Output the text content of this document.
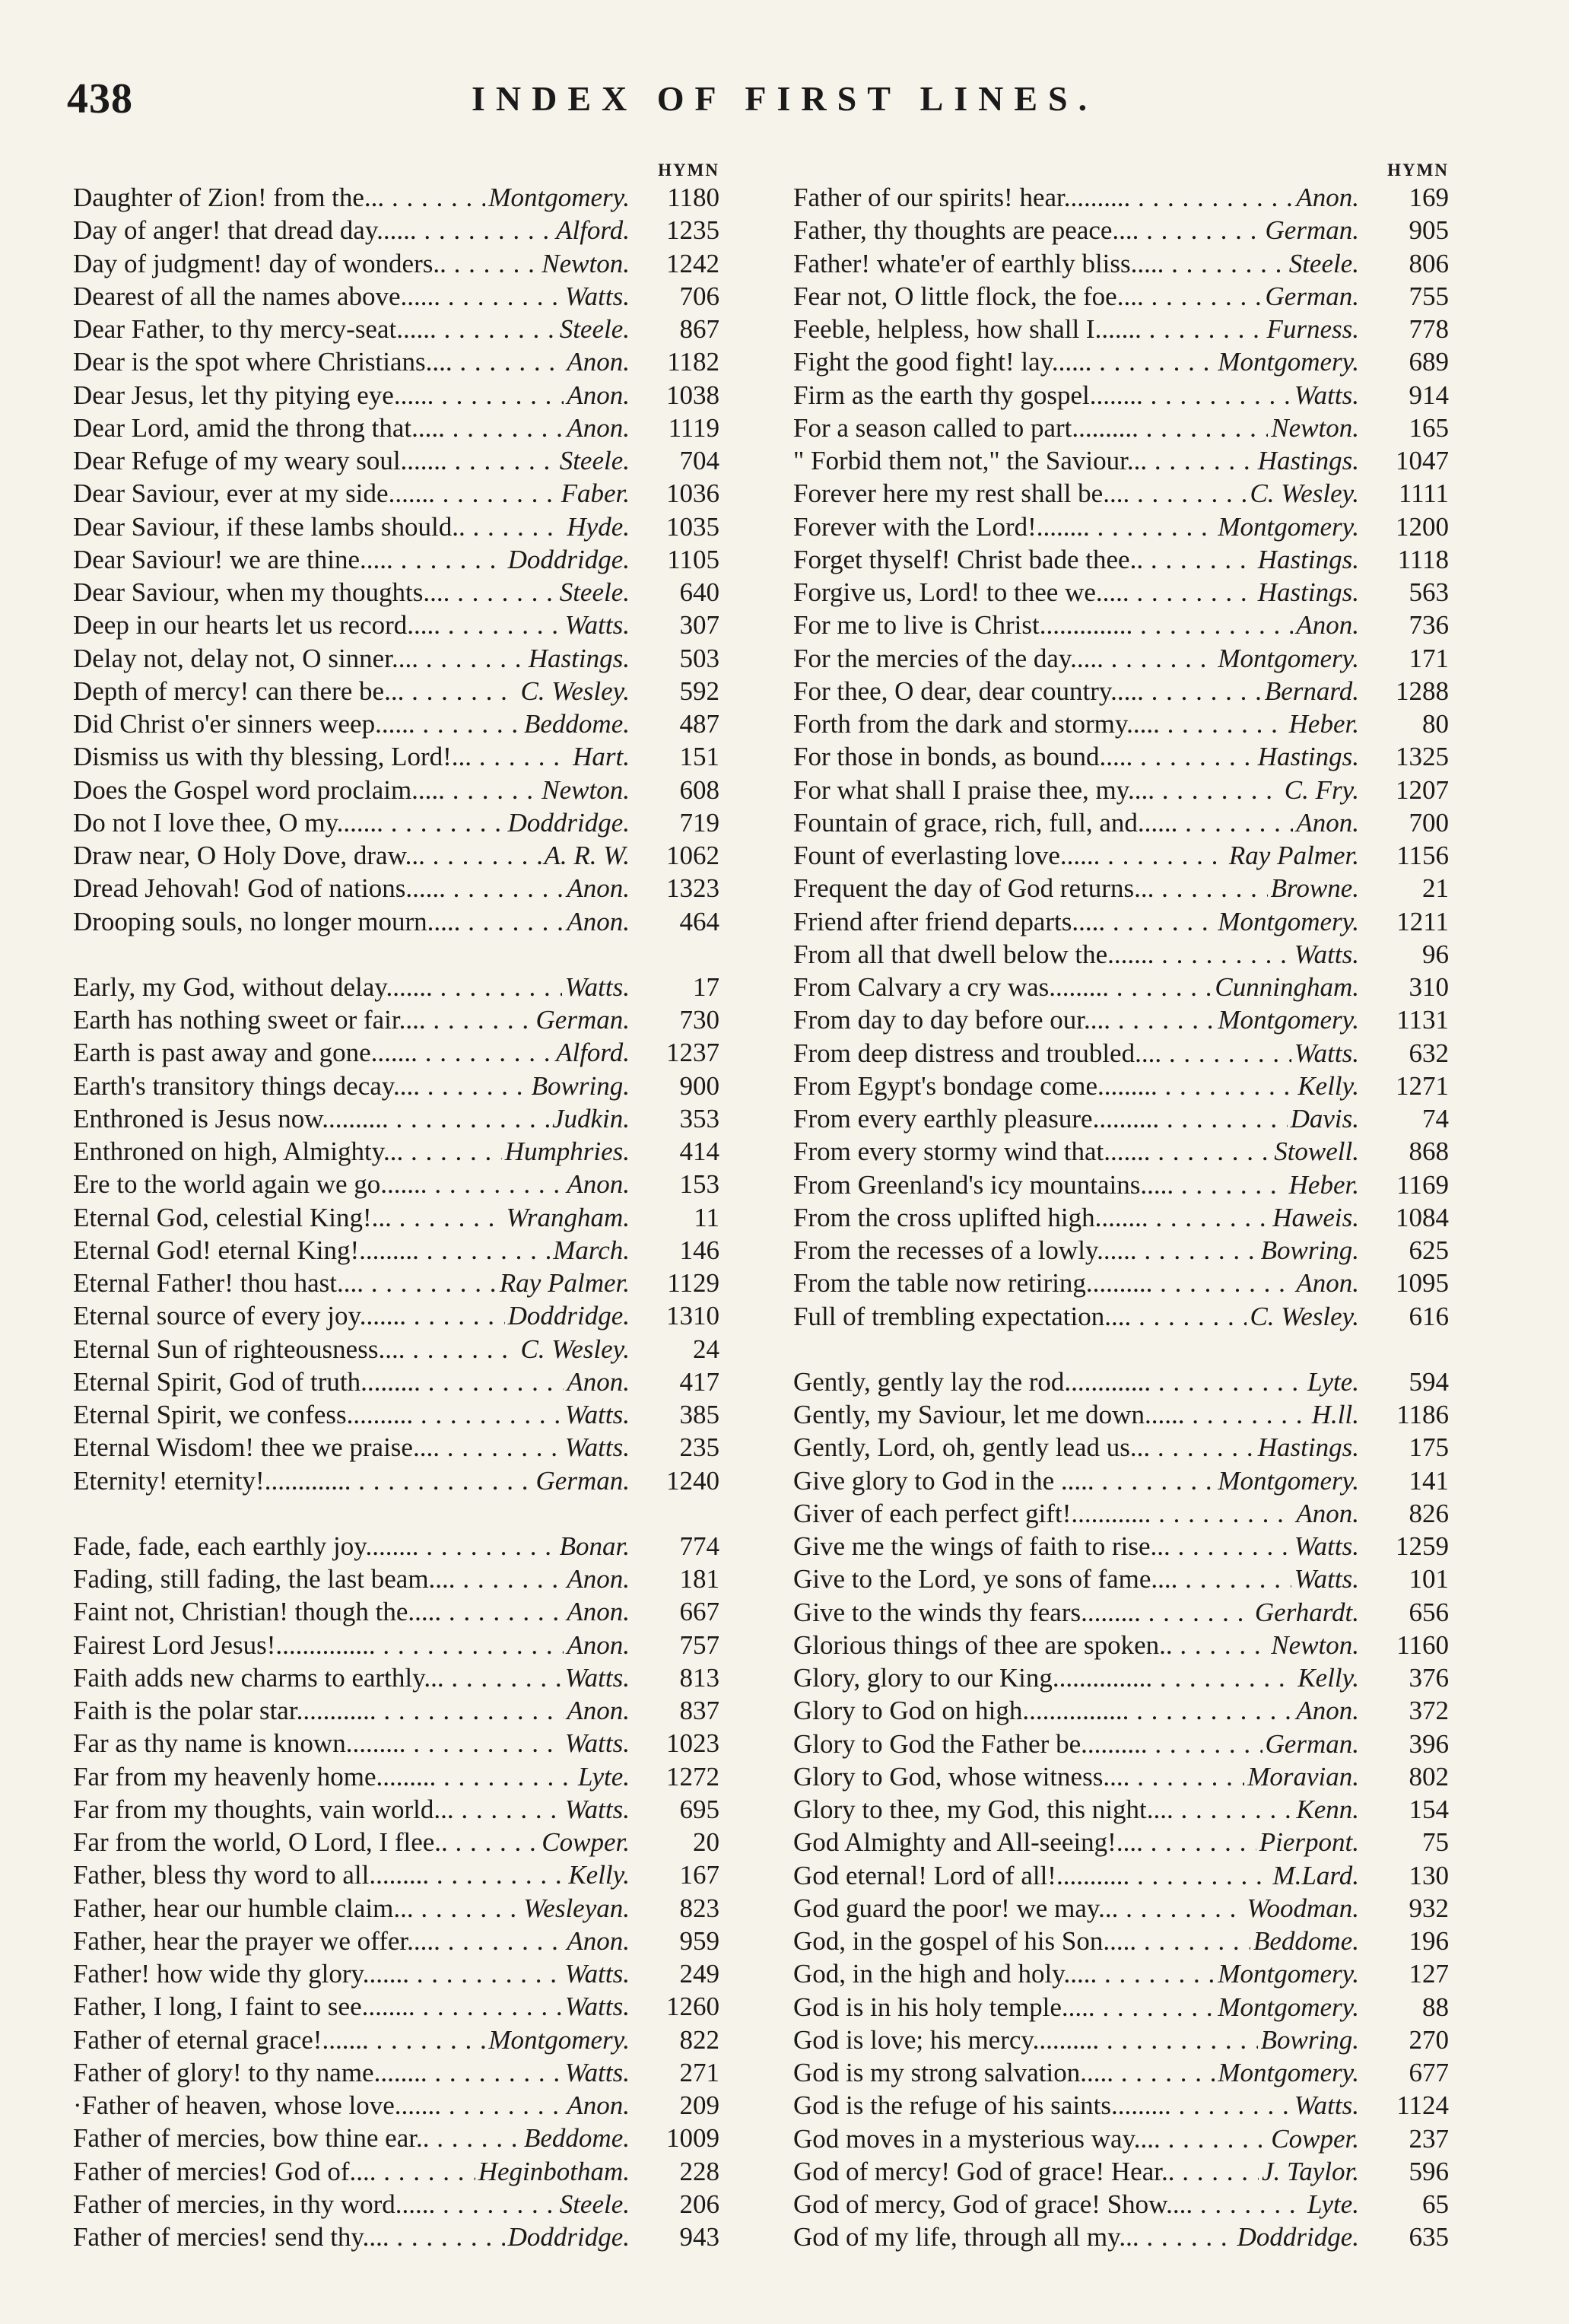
438	INDEX OF FIRST LINES.
HYMN
Daughter of Zion! from the... . . .	Montgomery.	1180
Day of anger! that dread day...... . . .	Alford.	1235
Day of judgment! day of wonders.. . . .	Newton.	1242
Dearest of all the names above...... . . .	Watts.	706
Dear Father, to thy mercy-seat...... . . .	Steele.	867
Dear is the spot where Christians.... . . .	Anon.	1182
Dear Jesus, let thy pitying eye...... . . .	Anon.	1038
Dear Lord, amid the throng that..... . . .	Anon.	1119
Dear Refuge of my weary soul....... . . .	Steele.	704
Dear Saviour, ever at my side....... . . .	Faber.	1036
Dear Saviour, if these lambs should.. . . .	Hyde.	1035
Dear Saviour! we are thine..... . . .	Doddridge.	1105
Dear Saviour, when my thoughts.... . . .	Steele.	640
Deep in our hearts let us record..... . . .	Watts.	307
Delay not, delay not, O sinner.... . . .	Hastings.	503
Depth of mercy! can there be... . . .	C. Wesley.	592
Did Christ o'er sinners weep...... . . .	Beddome.	487
Dismiss us with thy blessing, Lord!... . . .	Hart.	151
Does the Gospel word proclaim..... . . .	Newton.	608
Do not I love thee, O my....... . . .	Doddridge.	719
Draw near, O Holy Dove, draw... . . .	A. R. W.	1062
Dread Jehovah! God of nations...... . . .	Anon.	1323
Drooping souls, no longer mourn..... . . .	Anon.	464
Early, my God, without delay....... . . .	Watts.	17
Earth has nothing sweet or fair.... . . .	German.	730
Earth is past away and gone....... . . .	Alford.	1237
Earth's transitory things decay.... . . .	Bowring.	900
Enthroned is Jesus now.......... . . .	Judkin.	353
Enthroned on high, Almighty... . . .	Humphries.	414
Ere to the world again we go....... . . .	Anon.	153
Eternal God, celestial King!... . . .	Wrangham.	11
Eternal God! eternal King!......... . . .	March.	146
Eternal Father! thou hast.... . . .	Ray Palmer.	1129
Eternal source of every joy....... . . .	Doddridge.	1310
Eternal Sun of righteousness.... . . .	C. Wesley.	24
Eternal Spirit, God of truth......... . . .	Anon.	417
Eternal Spirit, we confess.......... . . .	Watts.	385
Eternal Wisdom! thee we praise.... . . .	Watts.	235
Eternity! eternity!............. . . .	German.	1240
Fade, fade, each earthly joy........ . . .	Bonar.	774
Fading, still fading, the last beam.... . . .	Anon.	181
Faint not, Christian! though the..... . . .	Anon.	667
Fairest Lord Jesus!............... . . .	Anon.	757
Faith adds new charms to earthly... . . .	Watts.	813
Faith is the polar star............ . . .	Anon.	837
Far as thy name is known......... . . .	Watts.	1023
Far from my heavenly home......... . . .	Lyte.	1272
Far from my thoughts, vain world... . . .	Watts.	695
Far from the world, O Lord, I flee.. . . .	Cowper.	20
Father, bless thy word to all......... . . .	Kelly.	167
Father, hear our humble claim... . . .	Wesleyan.	823
Father, hear the prayer we offer..... . . .	Anon.	959
Father! how wide thy glory....... . . .	Watts.	249
Father, I long, I faint to see........ . . .	Watts.	1260
Father of eternal grace!....... . . .	Montgomery.	822
Father of glory! to thy name........ . . .	Watts.	271
·Father of heaven, whose love....... . . .	Anon.	209
Father of mercies, bow thine ear.. . . .	Beddome.	1009
Father of mercies! God of.... . . .	Heginbotham.	228
Father of mercies, in thy word...... . . .	Steele.	206
Father of mercies! send thy.... . . .	Doddridge.	943
HYMN
Father of our spirits! hear.......... . . .	Anon.	169
Father, thy thoughts are peace.... . . .	German.	905
Father! whate'er of earthly bliss..... . . .	Steele.	806
Fear not, O little flock, the foe.... . . .	German.	755
Feeble, helpless, how shall I....... . . .	Furness.	778
Fight the good fight! lay...... . . .	Montgomery.	689
Firm as the earth thy gospel........ . . .	Watts.	914
For a season called to part.......... . . .	Newton.	165
" Forbid them not," the Saviour... . . .	Hastings.	1047
Forever here my rest shall be.... . . .	C. Wesley.	1111
Forever with the Lord!........ . . .	Montgomery.	1200
Forget thyself! Christ bade thee.. . . .	Hastings.	1118
Forgive us, Lord! to thee we..... . . .	Hastings.	563
For me to live is Christ.............. . . .	Anon.	736
For the mercies of the day..... . . .	Montgomery.	171
For thee, O dear, dear country..... . . .	Bernard.	1288
Forth from the dark and stormy..... . . .	Heber.	80
For those in bonds, as bound..... . . .	Hastings.	1325
For what shall I praise thee, my.... . . .	C. Fry.	1207
Fountain of grace, rich, full, and...... . . .	Anon.	700
Fount of everlasting love...... . . .	Ray Palmer.	1156
Frequent the day of God returns... . . .	Browne.	21
Friend after friend departs..... . . .	Montgomery.	1211
From all that dwell below the....... . . .	Watts.	96
From Calvary a cry was......... . . .	Cunningham.	310
From day to day before our.... . . .	Montgomery.	1131
From deep distress and troubled.... . . .	Watts.	632
From Egypt's bondage come......... . . .	Kelly.	1271
From every earthly pleasure.......... . . .	Davis.	74
From every stormy wind that....... . . .	Stowell.	868
From Greenland's icy mountains..... . . .	Heber.	1169
From the cross uplifted high........ . . .	Haweis.	1084
From the recesses of a lowly...... . . .	Bowring.	625
From the table now retiring.......... . . .	Anon.	1095
Full of trembling expectation.... . . .	C. Wesley.	616
Gently, gently lay the rod............. . . .	Lyte.	594
Gently, my Saviour, let me down...... . . .	H.ll.	1186
Gently, Lord, oh, gently lead us... . . .	Hastings.	175
Give glory to God in the ..... . . .	Montgomery.	141
Giver of each perfect gift!............ . . .	Anon.	826
Give me the wings of faith to rise... . . .	Watts.	1259
Give to the Lord, ye sons of fame.... . . .	Watts.	101
Give to the winds thy fears......... . . .	Gerhardt.	656
Glorious things of thee are spoken.. . . .	Newton.	1160
Glory, glory to our King............... . . .	Kelly.	376
Glory to God on high................ . . .	Anon.	372
Glory to God the Father be.......... . . .	German.	396
Glory to God, whose witness.... . . .	Moravian.	802
Glory to thee, my God, this night.... . . .	Kenn.	154
God Almighty and All-seeing!.... . . .	Pierpont.	75
God eternal! Lord of all!........... . . .	M.Lard.	130
God guard the poor! we may... . . .	Woodman.	932
God, in the gospel of his Son..... . . .	Beddome.	196
God, in the high and holy..... . . .	Montgomery.	127
God is in his holy temple..... . . .	Montgomery.	88
God is love; his mercy.......... . . .	Bowring.	270
God is my strong salvation..... . . .	Montgomery.	677
God is the refuge of his saints......... . . .	Watts.	1124
God moves in a mysterious way.... . . .	Cowper.	237
God of mercy! God of grace! Hear.. . . .	J. Taylor.	596
God of mercy, God of grace! Show.... . . .	Lyte.	65
God of my life, through all my... . . .	Doddridge.	635
